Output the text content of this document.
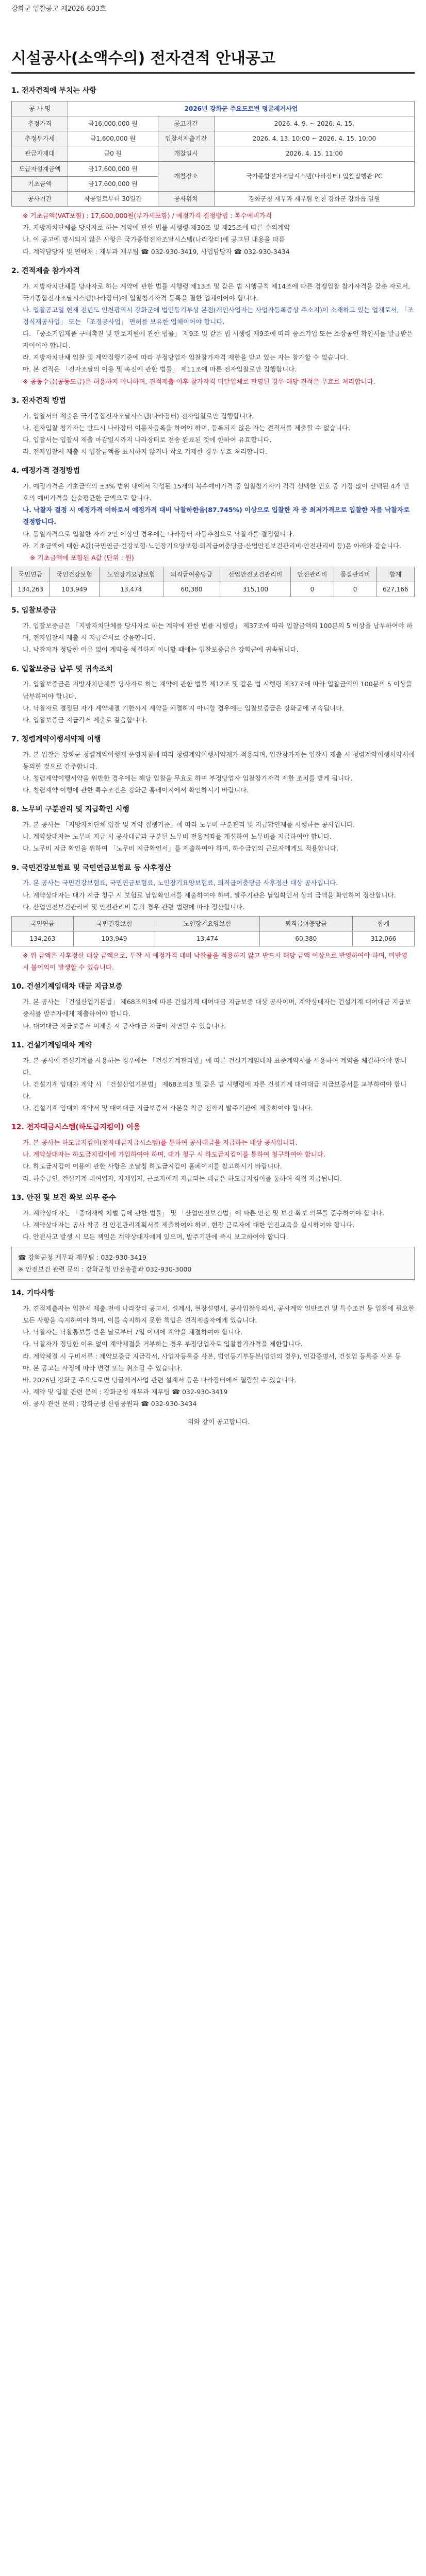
강화군 입찰공고 제2026-603호
시설공사(소액수의) 전자견적 안내공고
1. 전자견적에 부치는 사항
공 사 명	2026년 강화군 주요도로변 덩굴제거사업		
추정가격	금16,000,000 원	공고기간	2026. 4. 9. ~ 2026. 4. 15.
추정부가세	금1,600,000 원	입찰서제출기간	2026. 4. 13. 10:00 ~ 2026. 4. 15. 10:00
관급자재대	금0 원	개찰일시	2026. 4. 15. 11:00
도급자설계금액	금17,600,000 원	개찰장소	국가종합전자조달시스템(나라장터) 입찰집행관 PC
기초금액	금17,600,000 원		
공사기간	착공일로부터 30일간	공사위치	강화군청 재무과 재무팀 인천 강화군 강화읍 일원
※ 기초금액(VAT포함) : 17,600,000원(부가세포함) / 예정가격 결정방법 : 복수예비가격
가. 지방자치단체를 당사자로 하는 계약에 관한 법률 시행령 제30조 및 제25조에 따른 수의계약
나. 이 공고에 명시되지 않은 사항은 국가종합전자조달시스템(나라장터)에 공고된 내용을 따름
다. 계약담당자 및 연락처 : 재무과 재무팀 ☎ 032-930-3419, 사업담당자 ☎ 032-930-3434
2. 견적제출 참가자격
가. 지방자치단체를 당사자로 하는 계약에 관한 법률 시행령 제13조 및 같은 법 시행규칙 제14조에 따른 경쟁입찰 참가자격을 갖춘 자로서, 국가종합전자조달시스템(나라장터)에 입찰참가자격 등록을 필한 업체이어야 합니다.
나. 입찰공고일 현재 전년도 인천광역시 강화군에 법인등기부상 본점(개인사업자는 사업자등록증상 주소지)이 소재하고 있는 업체로서, 「조경식재공사업」 또는 「조경공사업」 면허를 보유한 업체이어야 합니다.
다. 「중소기업제품 구매촉진 및 판로지원에 관한 법률」 제9조 및 같은 법 시행령 제9조에 따라 중소기업 또는 소상공인 확인서를 발급받은 자이어야 합니다.
라. 지방자치단체 입찰 및 계약집행기준에 따라 부정당업자 입찰참가자격 제한을 받고 있는 자는 참가할 수 없습니다.
마. 본 견적은 「전자조달의 이용 및 촉진에 관한 법률」 제11조에 따른 전자입찰로만 집행합니다.
※ 공동수급(공동도급)은 허용하지 아니하며, 견적제출 이후 참가자격 미달업체로 판명된 경우 해당 견적은 무효로 처리합니다.
3. 전자견적 방법
가. 입찰서의 제출은 국가종합전자조달시스템(나라장터) 전자입찰로만 집행합니다.
나. 전자입찰 참가자는 반드시 나라장터 이용자등록을 하여야 하며, 등록되지 않은 자는 견적서를 제출할 수 없습니다.
다. 입찰서는 입찰서 제출 마감일시까지 나라장터로 전송 완료된 것에 한하여 유효합니다.
라. 전자입찰서 제출 시 입찰금액을 표시하지 않거나 착오 기재한 경우 무효 처리합니다.
4. 예정가격 결정방법
가. 예정가격은 기초금액의 ±3% 범위 내에서 작성된 15개의 복수예비가격 중 입찰참가자가 각각 선택한 번호 중 가장 많이 선택된 4개 번호의 예비가격을 산술평균한 금액으로 합니다.
나. 낙찰자 결정 시 예정가격 이하로서 예정가격 대비 낙찰하한율(87.745%) 이상으로 입찰한 자 중 최저가격으로 입찰한 자를 낙찰자로 결정합니다.
다. 동일가격으로 입찰한 자가 2인 이상인 경우에는 나라장터 자동추첨으로 낙찰자를 결정합니다.
라. 기초금액에 대한 A값(국민연금·건강보험·노인장기요양보험·퇴직급여충당금·산업안전보건관리비·안전관리비 등)은 아래와 같습니다.
※ 기초금액에 포함된 A값 (단위 : 원)
국민연금	국민건강보험	노인장기요양보험	퇴직급여충당금	산업안전보건관리비	안전관리비	품질관리비	합계
134,263	103,949	13,474	60,380	315,100	0	0	627,166
5. 입찰보증금
가. 입찰보증금은 「지방자치단체를 당사자로 하는 계약에 관한 법률 시행령」 제37조에 따라 입찰금액의 100분의 5 이상을 납부하여야 하며, 전자입찰서 제출 시 지급각서로 갈음합니다.
나. 낙찰자가 정당한 이유 없이 계약을 체결하지 아니할 때에는 입찰보증금은 강화군에 귀속됩니다.
6. 입찰보증금 납부 및 귀속조치
가. 입찰보증금은 지방자치단체를 당사자로 하는 계약에 관한 법률 제12조 및 같은 법 시행령 제37조에 따라 입찰금액의 100분의 5 이상을 납부하여야 합니다.
나. 낙찰자로 결정된 자가 계약체결 기한까지 계약을 체결하지 아니할 경우에는 입찰보증금은 강화군에 귀속됩니다.
다. 입찰보증금 지급각서 제출로 갈음합니다.
7. 청렴계약이행서약제 이행
가. 본 입찰은 강화군 청렴계약이행제 운영지침에 따라 청렴계약이행서약제가 적용되며, 입찰참가자는 입찰서 제출 시 청렴계약이행서약서에 동의한 것으로 간주합니다.
나. 청렴계약이행서약을 위반한 경우에는 해당 입찰을 무효로 하며 부정당업자 입찰참가자격 제한 조치를 받게 됩니다.
다. 청렴계약 이행에 관한 특수조건은 강화군 홈페이지에서 확인하시기 바랍니다.
8. 노무비 구분관리 및 지급확인 시행
가. 본 공사는 「지방자치단체 입찰 및 계약 집행기준」에 따라 노무비 구분관리 및 지급확인제를 시행하는 공사입니다.
나. 계약상대자는 노무비 지급 시 공사대금과 구분된 노무비 전용계좌를 개설하여 노무비를 지급하여야 합니다.
다. 노무비 지급 확인을 위하여 「노무비 지급확인서」를 제출하여야 하며, 하수급인의 근로자에게도 적용합니다.
9. 국민건강보험료 및 국민연금보험료 등 사후정산
가. 본 공사는 국민건강보험료, 국민연금보험료, 노인장기요양보험료, 퇴직급여충당금 사후정산 대상 공사입니다.
나. 계약상대자는 대가 지급 청구 시 보험료 납입확인서를 제출하여야 하며, 발주기관은 납입확인서 상의 금액을 확인하여 정산합니다.
다. 산업안전보건관리비 및 안전관리비 등의 경우 관련 법령에 따라 정산합니다.
국민연금	국민건강보험	노인장기요양보험	퇴직급여충당금	합계
134,263	103,949	13,474	60,380	312,066
※ 위 금액은 사후정산 대상 금액으로, 투찰 시 예정가격 대비 낙찰률을 적용하지 않고 반드시 해당 금액 이상으로 반영하여야 하며, 미반영 시 불이익이 발생할 수 있습니다.
10. 건설기계임대차 대금 지급보증
가. 본 공사는 「건설산업기본법」 제68조의3에 따른 건설기계 대여대금 지급보증 대상 공사이며, 계약상대자는 건설기계 대여대금 지급보증서를 발주자에게 제출하여야 합니다.
나. 대여대금 지급보증서 미제출 시 공사대금 지급이 지연될 수 있습니다.
11. 건설기계임대차 계약
가. 본 공사에 건설기계를 사용하는 경우에는 「건설기계관리법」에 따른 건설기계임대차 표준계약서를 사용하여 계약을 체결하여야 합니다.
나. 건설기계 임대차 계약 시 「건설산업기본법」 제68조의3 및 같은 법 시행령에 따른 건설기계 대여대금 지급보증서를 교부하여야 합니다.
다. 건설기계 임대차 계약서 및 대여대금 지급보증서 사본을 착공 전까지 발주기관에 제출하여야 합니다.
12. 전자대금시스템(하도급지킴이) 이용
가. 본 공사는 하도급지킴이(전자대금지급시스템)를 통하여 공사대금을 지급하는 대상 공사입니다.
나. 계약상대자는 하도급지킴이에 가입하여야 하며, 대가 청구 시 하도급지킴이를 통하여 청구하여야 합니다.
다. 하도급지킴이 이용에 관한 사항은 조달청 하도급지킴이 홈페이지를 참고하시기 바랍니다.
라. 하수급인, 건설기계 대여업자, 자재업자, 근로자에게 지급되는 대금은 하도급지킴이를 통하여 직접 지급됩니다.
13. 안전 및 보건 확보 의무 준수
가. 계약상대자는 「중대재해 처벌 등에 관한 법률」 및 「산업안전보건법」에 따른 안전 및 보건 확보 의무를 준수하여야 합니다.
나. 계약상대자는 공사 착공 전 안전관리계획서를 제출하여야 하며, 현장 근로자에 대한 안전교육을 실시하여야 합니다.
다. 안전사고 발생 시 모든 책임은 계약상대자에게 있으며, 발주기관에 즉시 보고하여야 합니다.
☎ 강화군청 재무과 재무팀 : 032-930-3419
※ 안전보건 관련 문의 : 강화군청 안전총괄과 032-930-3000
14. 기타사항
가. 견적제출자는 입찰서 제출 전에 나라장터 공고서, 설계서, 현장설명서, 공사입찰유의서, 공사계약 일반조건 및 특수조건 등 입찰에 필요한 모든 사항을 숙지하여야 하며, 이를 숙지하지 못한 책임은 견적제출자에게 있습니다.
나. 낙찰자는 낙찰통보를 받은 날로부터 7일 이내에 계약을 체결하여야 합니다.
다. 낙찰자가 정당한 이유 없이 계약체결을 거부하는 경우 부정당업자로 입찰참가자격을 제한합니다.
라. 계약체결 시 구비서류 : 계약보증금 지급각서, 사업자등록증 사본, 법인등기부등본(법인의 경우), 인감증명서, 건설업 등록증 사본 등
마. 본 공고는 사정에 따라 변경 또는 취소될 수 있습니다.
바. 2026년 강화군 주요도로변 덩굴제거사업 관련 설계서 등은 나라장터에서 열람할 수 있습니다.
사. 계약 및 입찰 관련 문의 : 강화군청 재무과 재무팀 ☎ 032-930-3419
아. 공사 관련 문의 : 강화군청 산림공원과 ☎ 032-930-3434
위와 같이 공고합니다.
